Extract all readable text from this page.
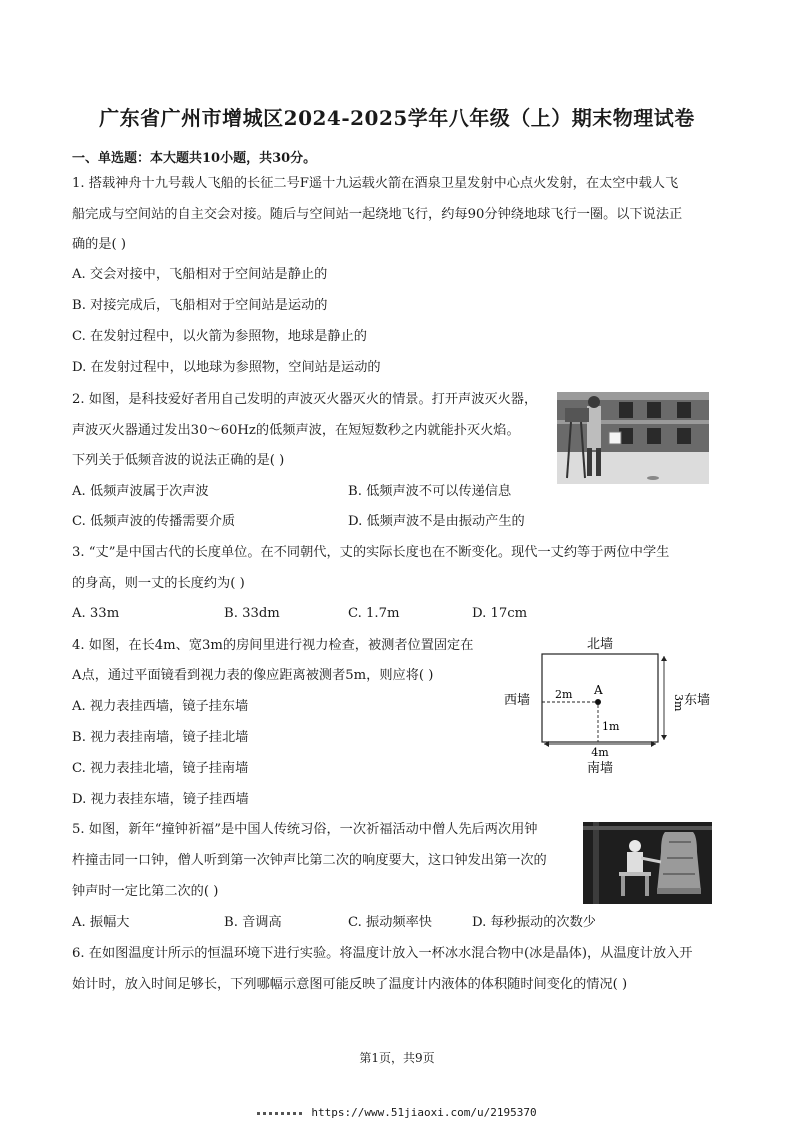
广东省广州市增城区2024-2025学年八年级（上）期末物理试卷
一、单选题：本大题共10小题，共30分。
1. 搭载神舟十九号载人飞船的长征二号F遥十九运载火箭在酒泉卫星发射中心点火发射，在太空中载人飞
船完成与空间站的自主交会对接。随后与空间站一起绕地飞行，约每90分钟绕地球飞行一圈。以下说法正
确的是( )
A. 交会对接中，飞船相对于空间站是静止的
B. 对接完成后，飞船相对于空间站是运动的
C. 在发射过程中，以火箭为参照物，地球是静止的
D. 在发射过程中，以地球为参照物，空间站是运动的
2. 如图，是科技爱好者用自己发明的声波灭火器灭火的情景。打开声波灭火器，
声波灭火器通过发出30～60Hz的低频声波，在短短数秒之内就能扑灭火焰。
下列关于低频音波的说法正确的是( )
A. 低频声波属于次声波	B. 低频声波不可以传递信息
C. 低频声波的传播需要介质	D. 低频声波不是由振动产生的
3. “丈”是中国古代的长度单位。在不同朝代，丈的实际长度也在不断变化。现代一丈约等于两位中学生
的身高，则一丈的长度约为( )
A. 33m	B. 33dm	C. 1.7m	D. 17cm
4. 如图，在长4m、宽3m的房间里进行视力检查，被测者位置固定在
A点，通过平面镜看到视力表的像应距离被测者5m，则应将( )
A. 视力表挂西墙，镜子挂东墙
B. 视力表挂南墙，镜子挂北墙
C. 视力表挂北墙，镜子挂南墙
D. 视力表挂东墙，镜子挂西墙
北墙
南墙
西墙	东墙
A
2m
1m
4m
3m
5. 如图，新年“撞钟祈福”是中国人传统习俗，一次祈福活动中僧人先后两次用钟
杵撞击同一口钟，僧人听到第一次钟声比第二次的响度要大，这口钟发出第一次的
钟声时一定比第二次的( )
A. 振幅大	B. 音调高	C. 振动频率快	D. 每秒振动的次数少
6. 在如图温度计所示的恒温环境下进行实验。将温度计放入一杯冰水混合物中(冰是晶体)，从温度计放入开
始计时，放入时间足够长，下列哪幅示意图可能反映了温度计内液体的体积随时间变化的情况( )
第1页，共9页
https://www.51jiaoxi.com/u/2195370
